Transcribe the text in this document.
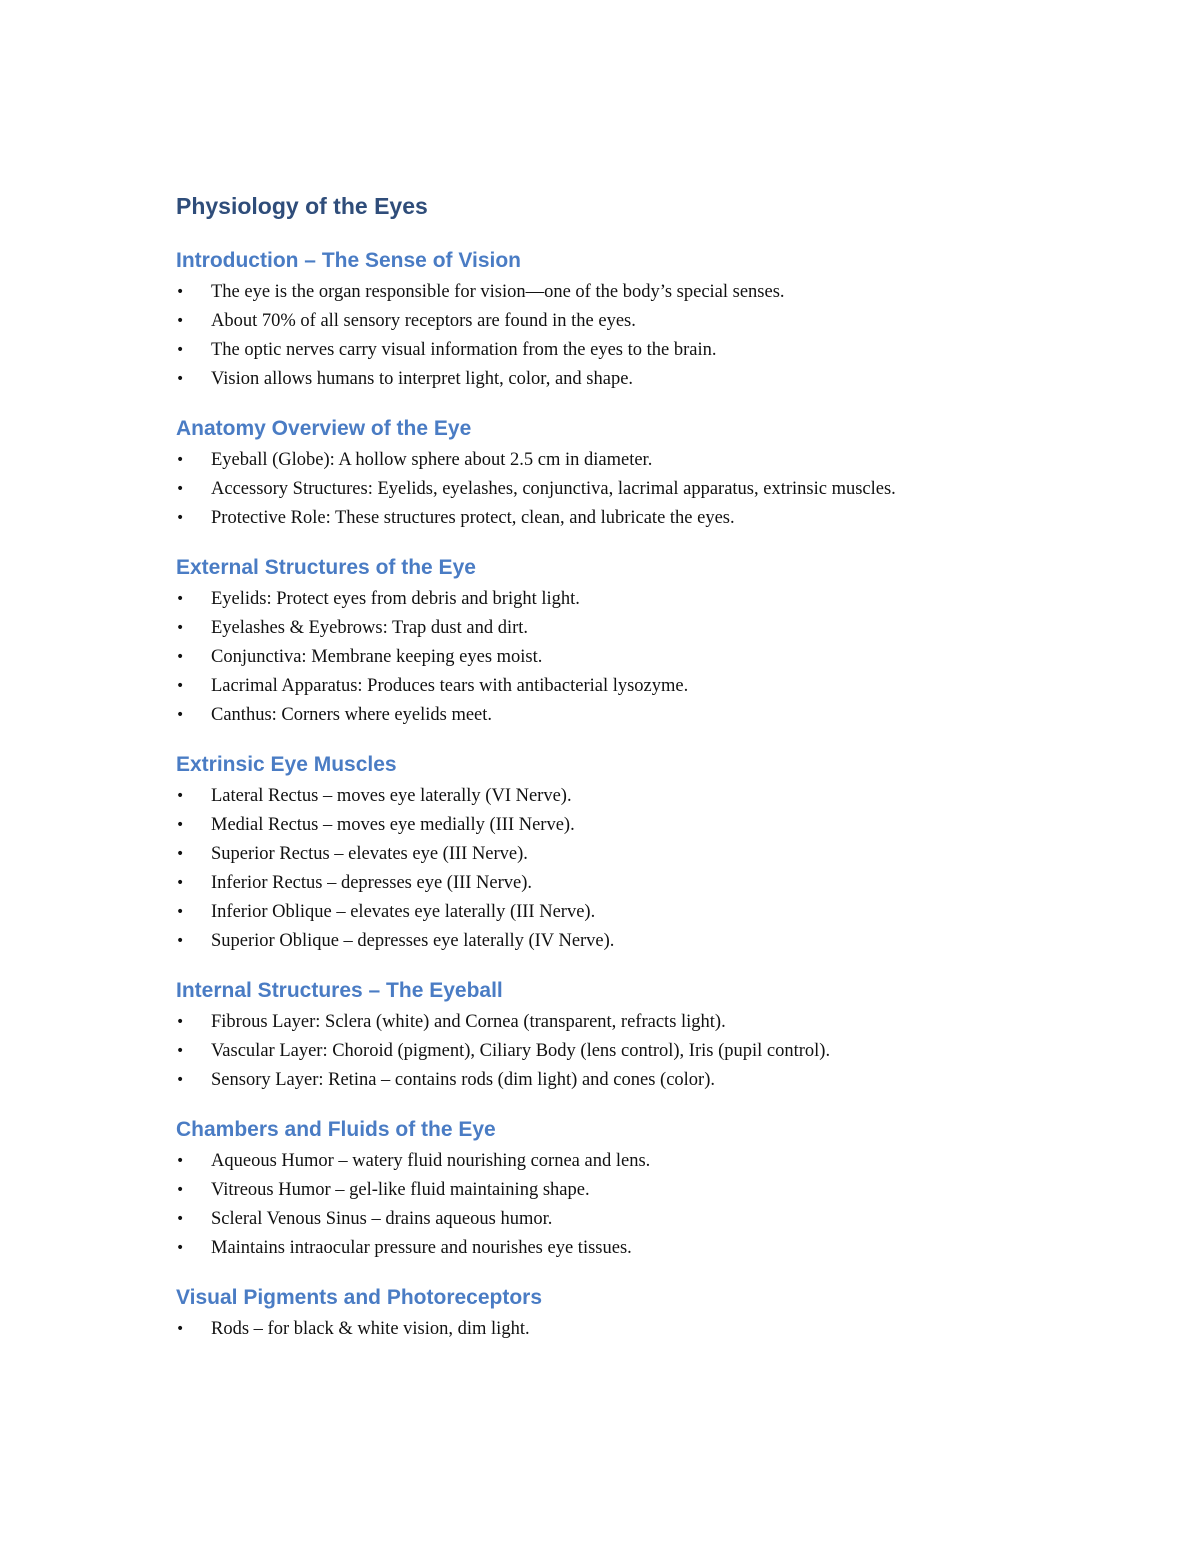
Physiology of the Eyes
Introduction – The Sense of Vision
• The eye is the organ responsible for vision—one of the body’s special senses.
• About 70% of all sensory receptors are found in the eyes.
• The optic nerves carry visual information from the eyes to the brain.
• Vision allows humans to interpret light, color, and shape.
Anatomy Overview of the Eye
• Eyeball (Globe): A hollow sphere about 2.5 cm in diameter.
• Accessory Structures: Eyelids, eyelashes, conjunctiva, lacrimal apparatus, extrinsic muscles.
• Protective Role: These structures protect, clean, and lubricate the eyes.
External Structures of the Eye
• Eyelids: Protect eyes from debris and bright light.
• Eyelashes & Eyebrows: Trap dust and dirt.
• Conjunctiva: Membrane keeping eyes moist.
• Lacrimal Apparatus: Produces tears with antibacterial lysozyme.
• Canthus: Corners where eyelids meet.
Extrinsic Eye Muscles
• Lateral Rectus – moves eye laterally (VI Nerve).
• Medial Rectus – moves eye medially (III Nerve).
• Superior Rectus – elevates eye (III Nerve).
• Inferior Rectus – depresses eye (III Nerve).
• Inferior Oblique – elevates eye laterally (III Nerve).
• Superior Oblique – depresses eye laterally (IV Nerve).
Internal Structures – The Eyeball
• Fibrous Layer: Sclera (white) and Cornea (transparent, refracts light).
• Vascular Layer: Choroid (pigment), Ciliary Body (lens control), Iris (pupil control).
• Sensory Layer: Retina – contains rods (dim light) and cones (color).
Chambers and Fluids of the Eye
• Aqueous Humor – watery fluid nourishing cornea and lens.
• Vitreous Humor – gel-like fluid maintaining shape.
• Scleral Venous Sinus – drains aqueous humor.
• Maintains intraocular pressure and nourishes eye tissues.
Visual Pigments and Photoreceptors
• Rods – for black & white vision, dim light.
